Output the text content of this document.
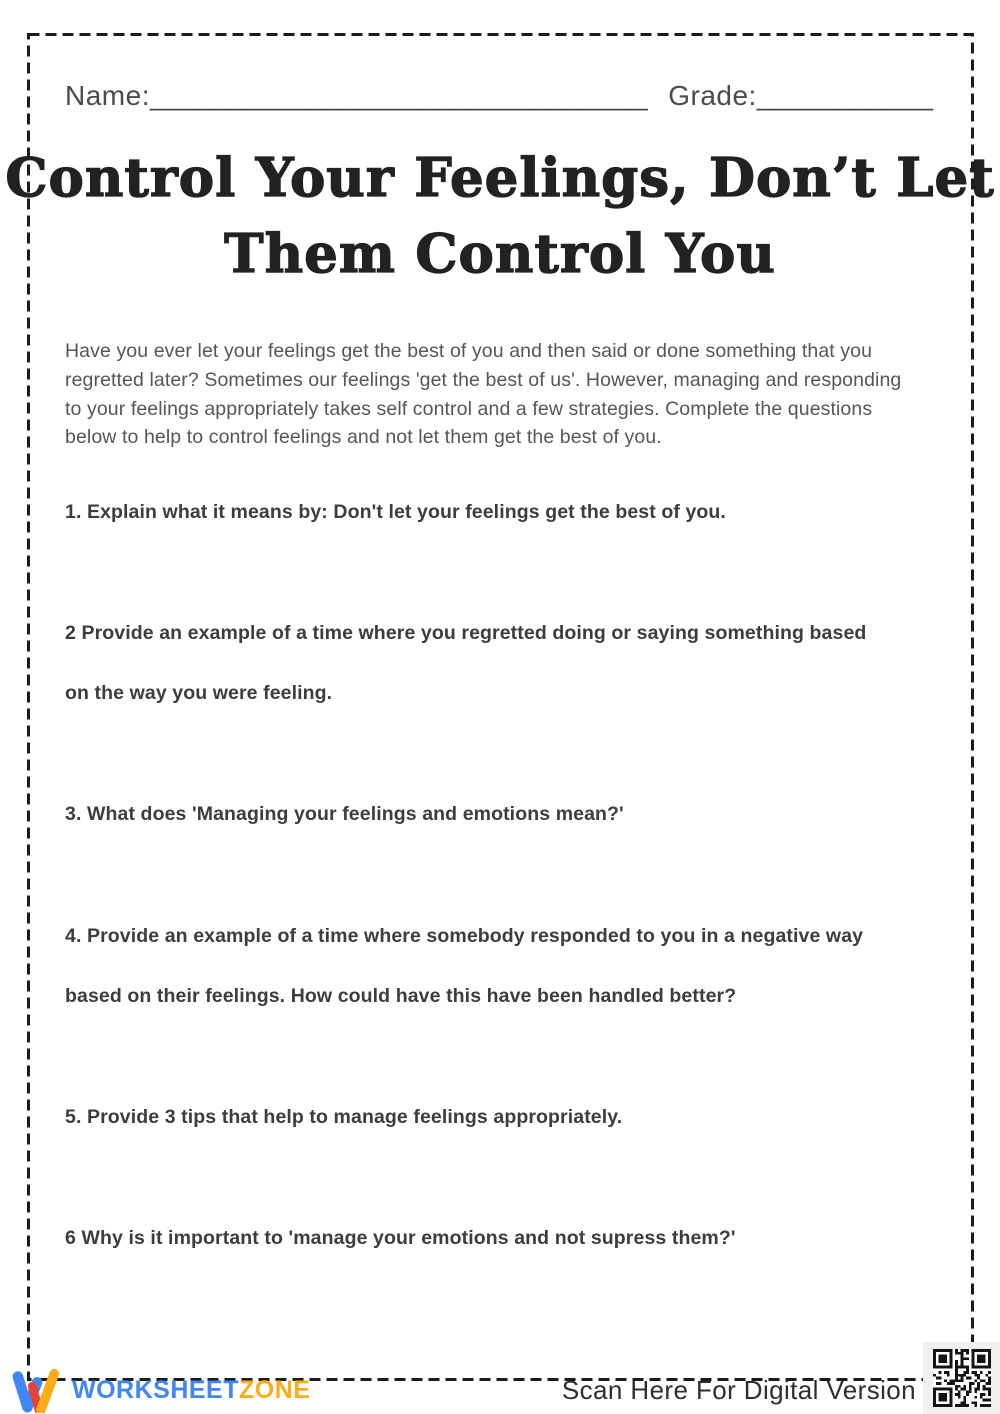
Name:_______________________________ Grade:___________
Control Your Feelings, Don’t Let
Them Control You
Have you ever let your feelings get the best of you and then said or done something that you
regretted later? Sometimes our feelings 'get the best of us'. However, managing and responding
to your feelings appropriately takes self control and a few strategies. Complete the questions
below to help to control feelings and not let them get the best of you.
1. Explain what it means by: Don't let your feelings get the best of you.
2 Provide an example of a time where you regretted doing or saying something based
on the way you were feeling.
3. What does 'Managing your feelings and emotions mean?'
4. Provide an example of a time where somebody responded to you in a negative way
based on their feelings. How could have this have been handled better?
5. Provide 3 tips that help to manage feelings appropriately.
6 Why is it important to 'manage your emotions and not supress them?'
WORKSHEETZONE	Scan Here For Digital Version
